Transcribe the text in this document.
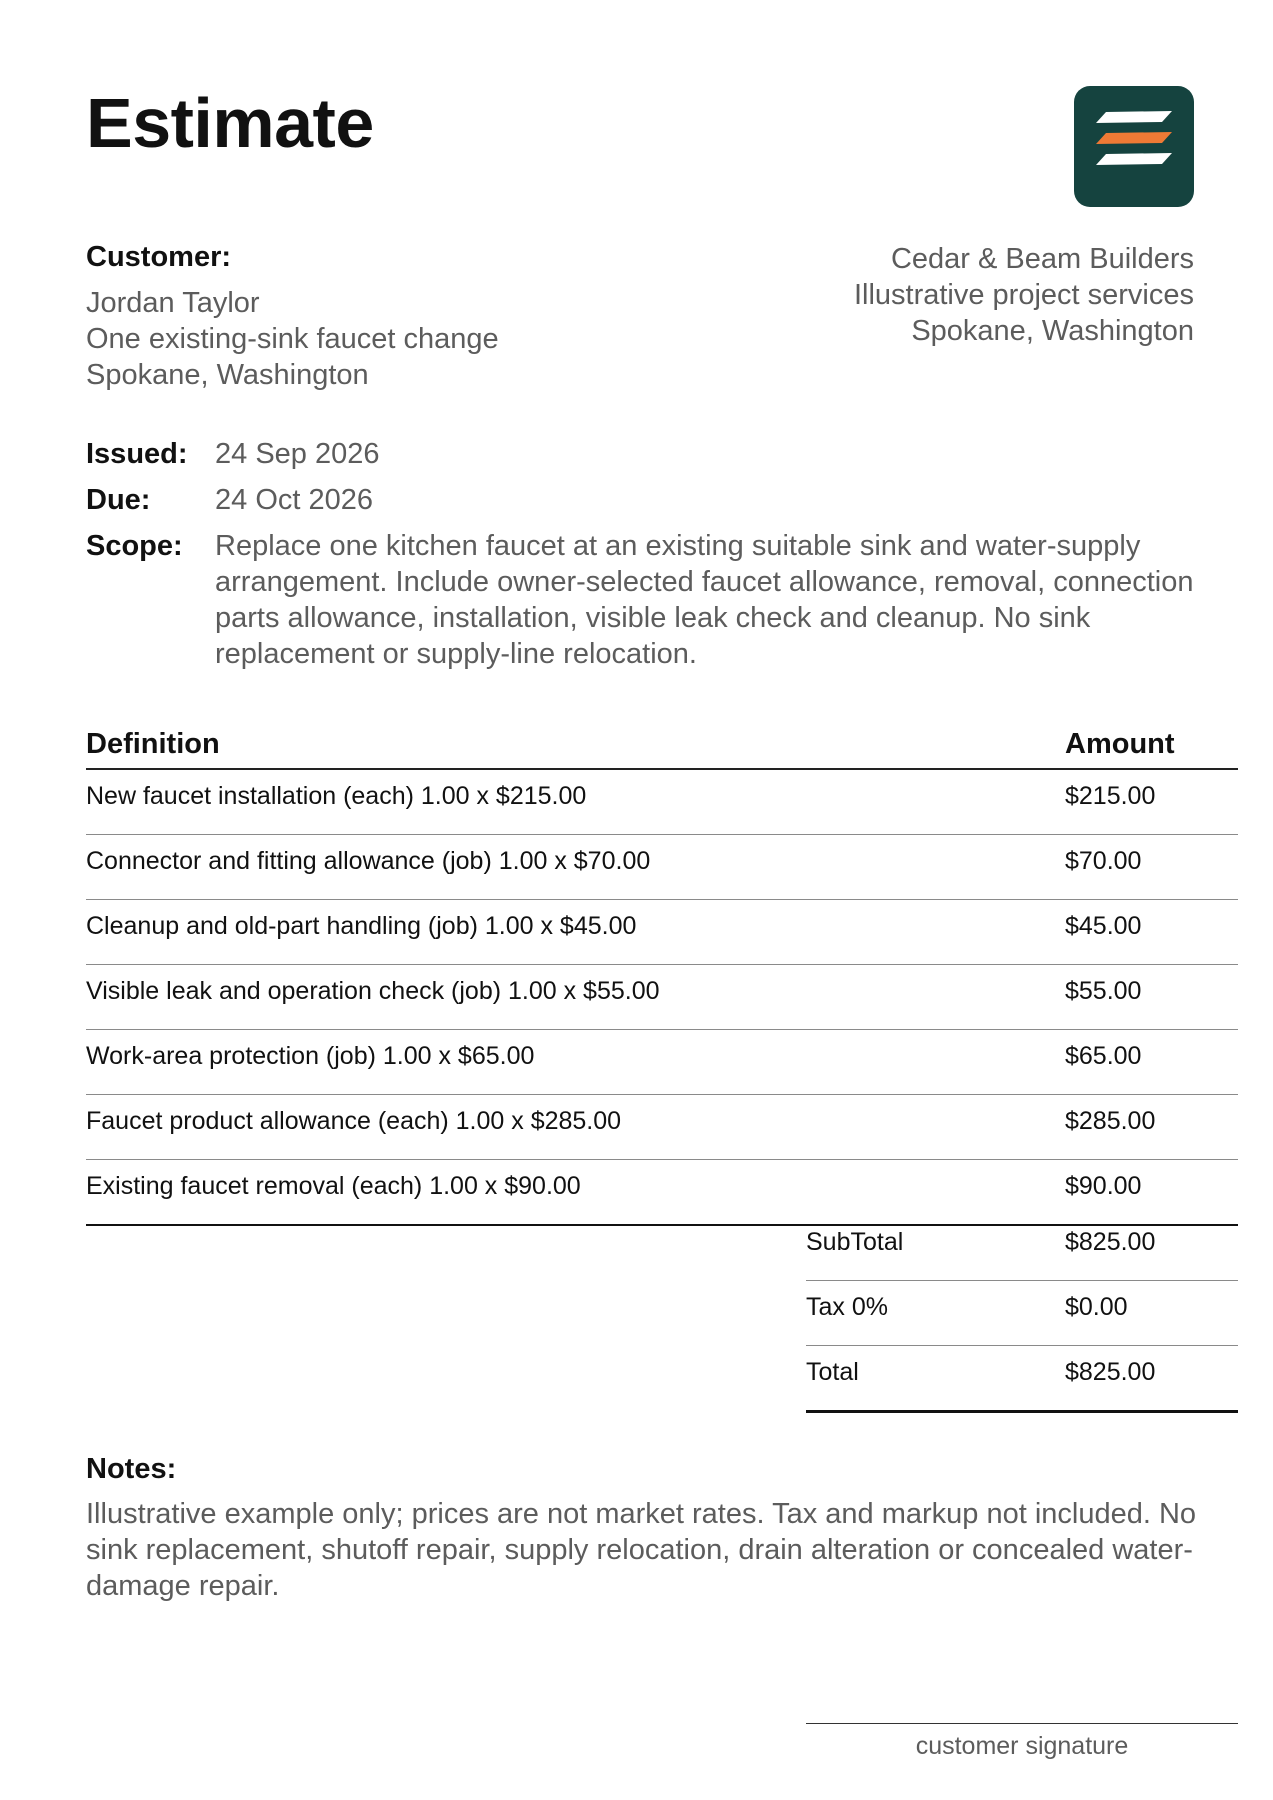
Estimate
Customer:
Jordan Taylor
One existing-sink faucet change
Spokane, Washington
Cedar & Beam Builders
Illustrative project services
Spokane, Washington
Issued: 24 Sep 2026
Due: 24 Oct 2026
Scope: Replace one kitchen faucet at an existing suitable sink and water-supply arrangement. Include owner-selected faucet allowance, removal, connection parts allowance, installation, visible leak check and cleanup. No sink replacement or supply-line relocation.
Definition	Amount
New faucet installation (each) 1.00 x $215.00	$215.00
Connector and fitting allowance (job) 1.00 x $70.00	$70.00
Cleanup and old-part handling (job) 1.00 x $45.00	$45.00
Visible leak and operation check (job) 1.00 x $55.00	$55.00
Work-area protection (job) 1.00 x $65.00	$65.00
Faucet product allowance (each) 1.00 x $285.00	$285.00
Existing faucet removal (each) 1.00 x $90.00	$90.00
SubTotal	$825.00
Tax 0%	$0.00
Total	$825.00
Notes:
Illustrative example only; prices are not market rates. Tax and markup not included. No sink replacement, shutoff repair, supply relocation, drain alteration or concealed water-damage repair.
customer signature
